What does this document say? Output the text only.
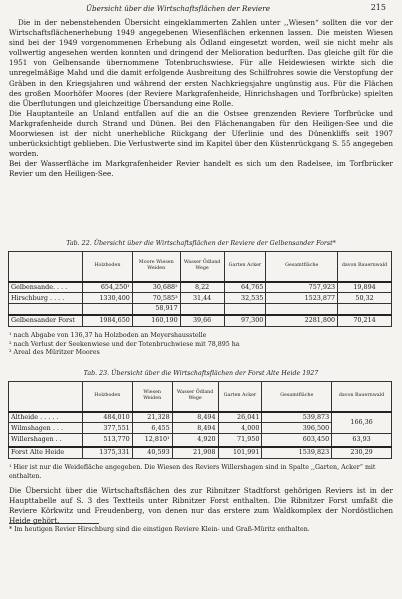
Übersicht über die Wirtschaftsflächen der Reviere	215

Die in der nebenstehenden Übersicht eingeklammerten Zahlen unter ,,Wiesen“ sollten die vor der Wirtschaftsflächenerhebung 1949 angegebenen Wiesenflächen erkennen lassen. Die meisten Wiesen sind bei der 1949 vorgenommenen Erhebung als Ödland eingesetzt worden, weil sie nicht mehr als vollwertig angesehen werden konnten und dringend der Melioration bedurften. Das gleiche gilt für die 1951 von Gelbensande übernommene Totenbruchswiese. Für alle Heidewiesen wirkte sich die unregelmäßige Mahd und die damit erfolgende Ausbreitung des Schilfrohres sowie die Verstopfung der Gräben in den Kriegsjahren und während der ersten Nachkriegsjahre ungünstig aus. Für die Flächen des großen Moorhöfer Moores (der Reviere Markgrafenheide, Hinrichshagen und Torfbrücke) spielten die Überflutungen und gleichzeitige Übersandung eine Rolle.

Die Hauptanteile an Unland entfallen auf die an die Ostsee grenzenden Reviere Torfbrücke und Markgrafenheide durch Strand und Dünen. Bei den Flächenangaben für den Heiligen-See und die Moorwiesen ist der nicht unerhebliche Rückgang der Uferlinie und des Dünenkliffs seit 1907 unberücksichtigt geblieben. Die Verlustwerte sind im Kapitel über den Küstenrückgang S. 55 angegeben worden.

Bei der Wasserfläche im Markgrafenheider Revier handelt es sich um den Radelsee, im Torfbrücker Revier um den Heiligen-See.

Tab. 22. Übersicht über die Wirtschaftsflächen der Reviere der Gelbensander Forst*
	Holzboden	Moore Wiesen Weiden	Wasser Ödland Wege	Garten Acker	Gesamtfläche	davon Bauernwald
Gelbensande. . . .	654,250¹	30,688²	8,22	64,765	757,923	19,894
Hirschburg . . . .	1330,400	70,585³	31,44	32,535	1523,877	50,32
		58,917				
Gelbensander Forst	1984,650	160,190	39,66	97,300	2281,800	70,214

¹ nach Abgabe von 136,37 ha Holzboden an Meyershausstelle

² nach Verlust der Seekenwiese und der Totenbruchwiese mit 78,895 ha

³ Areal des Müritzer Moores

Tab. 23. Übersicht über die Wirtschaftsflächen der Forst Alte Heide 1927
	Holzboden	Wiesen Weiden	Wasser Ödland Wege	Garten Acker	Gesamtfläche	davon Bauernwald
Altheide . . . . .	484,010	21,328	8,494	26,041	539,873	166,36
Wilmshagen . . .	377,551	6,455	8,494	4,000	396,500	
Willershagen . .	513,770	12,810¹	4,920	71,950	603,450	63,93
Forst Alte Heide	1375,331	40,593	21,908	101,991	1539,823	230,29

¹ Hier ist nur die Weidefläche angegeben. Die Wiesen des Reviers Willershagen sind in Spalte ,,Garten, Acker“ mit enthalten.

Die Übersicht über die Wirtschaftsflächen des zur Ribnitzer Stadtforst gehörigen Reviers ist in der Haupttabelle auf S. 3 des Textteils unter Ribnitzer Forst enthalten. Die Ribnitzer Forst umfaßt die Reviere Körkwitz und Freudenberg, von denen nur das erstere zum Waldkomplex der Nordöstlichen Heide gehört.

* Im heutigen Revier Hirschburg sind die einstigen Reviere Klein- und Graß-Müritz enthalten.
